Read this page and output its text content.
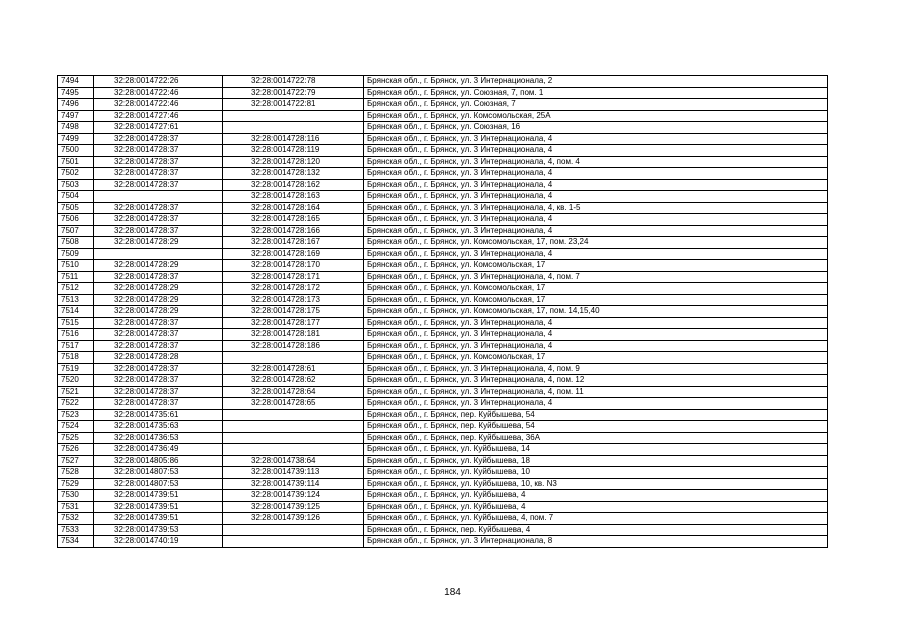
7494	32:28:0014722:26	32:28:0014722:78	Брянская обл., г. Брянск, ул. 3 Интернационала, 2
7495	32:28:0014722:46	32:28:0014722:79	Брянская обл., г. Брянск, ул. Союзная, 7, пом. 1
7496	32:28:0014722:46	32:28:0014722:81	Брянская обл., г. Брянск, ул. Союзная, 7
7497	32:28:0014727:46		Брянская обл., г. Брянск, ул. Комсомольская, 25А
7498	32:28:0014727:61		Брянская обл., г. Брянск, ул. Союзная, 16
7499	32:28:0014728:37	32:28:0014728:116	Брянская обл., г. Брянск, ул. 3 Интернационала, 4
7500	32:28:0014728:37	32:28:0014728:119	Брянская обл., г. Брянск, ул. 3 Интернационала, 4
7501	32:28:0014728:37	32:28:0014728:120	Брянская обл., г. Брянск, ул. 3 Интернационала, 4, пом. 4
7502	32:28:0014728:37	32:28:0014728:132	Брянская обл., г. Брянск, ул. 3 Интернационала, 4
7503	32:28:0014728:37	32:28:0014728:162	Брянская обл., г. Брянск, ул. 3 Интернационала, 4
7504		32:28:0014728:163	Брянская обл., г. Брянск, ул. 3 Интернационала, 4
7505	32:28:0014728:37	32:28:0014728:164	Брянская обл., г. Брянск, ул. 3 Интернационала, 4, кв. 1-5
7506	32:28:0014728:37	32:28:0014728:165	Брянская обл., г. Брянск, ул. 3 Интернационала, 4
7507	32:28:0014728:37	32:28:0014728:166	Брянская обл., г. Брянск, ул. 3 Интернационала, 4
7508	32:28:0014728:29	32:28:0014728:167	Брянская обл., г. Брянск, ул. Комсомольская, 17, пом. 23,24
7509		32:28:0014728:169	Брянская обл., г. Брянск, ул. 3 Интернационала, 4
7510	32:28:0014728:29	32:28:0014728:170	Брянская обл., г. Брянск, ул. Комсомольская, 17
7511	32:28:0014728:37	32:28:0014728:171	Брянская обл., г. Брянск, ул. 3 Интернационала, 4, пом. 7
7512	32:28:0014728:29	32:28:0014728:172	Брянская обл., г. Брянск, ул. Комсомольская, 17
7513	32:28:0014728:29	32:28:0014728:173	Брянская обл., г. Брянск, ул. Комсомольская, 17
7514	32:28:0014728:29	32:28:0014728:175	Брянская обл., г. Брянск, ул. Комсомольская, 17, пом. 14,15,40
7515	32:28:0014728:37	32:28:0014728:177	Брянская обл., г. Брянск, ул. 3 Интернационала, 4
7516	32:28:0014728:37	32:28:0014728:181	Брянская обл., г. Брянск, ул. 3 Интернационала, 4
7517	32:28:0014728:37	32:28:0014728:186	Брянская обл., г. Брянск, ул. 3 Интернационала, 4
7518	32:28:0014728:28		Брянская обл., г. Брянск, ул. Комсомольская, 17
7519	32:28:0014728:37	32:28:0014728:61	Брянская обл., г. Брянск, ул. 3 Интернационала, 4, пом. 9
7520	32:28:0014728:37	32:28:0014728:62	Брянская обл., г. Брянск, ул. 3 Интернационала, 4, пом. 12
7521	32:28:0014728:37	32:28:0014728:64	Брянская обл., г. Брянск, ул. 3 Интернационала, 4, пом. 11
7522	32:28:0014728:37	32:28:0014728:65	Брянская обл., г. Брянск, ул. 3 Интернационала, 4
7523	32:28:0014735:61		Брянская обл., г. Брянск, пер. Куйбышева, 54
7524	32:28:0014735:63		Брянская обл., г. Брянск, пер. Куйбышева, 54
7525	32:28:0014736:53		Брянская обл., г. Брянск, пер. Куйбышева, 36А
7526	32:28:0014736:49		Брянская обл., г. Брянск, ул. Куйбышева, 14
7527	32:28:0014805:86	32:28:0014738:64	Брянская обл., г. Брянск, ул. Куйбышева, 18
7528	32:28:0014807:53	32:28:0014739:113	Брянская обл., г. Брянск, ул. Куйбышева, 10
7529	32:28:0014807:53	32:28:0014739:114	Брянская обл., г. Брянск, ул. Куйбышева, 10, кв. N3
7530	32:28:0014739:51	32:28:0014739:124	Брянская обл., г. Брянск, ул. Куйбышева, 4
7531	32:28:0014739:51	32:28:0014739:125	Брянская обл., г. Брянск, ул. Куйбышева, 4
7532	32:28:0014739:51	32:28:0014739:126	Брянская обл., г. Брянск, ул. Куйбышева, 4, пом. 7
7533	32:28:0014739:53		Брянская обл., г. Брянск, пер. Куйбышева, 4
7534	32:28:0014740:19		Брянская обл., г. Брянск, ул. 3 Интернационала, 8
184
